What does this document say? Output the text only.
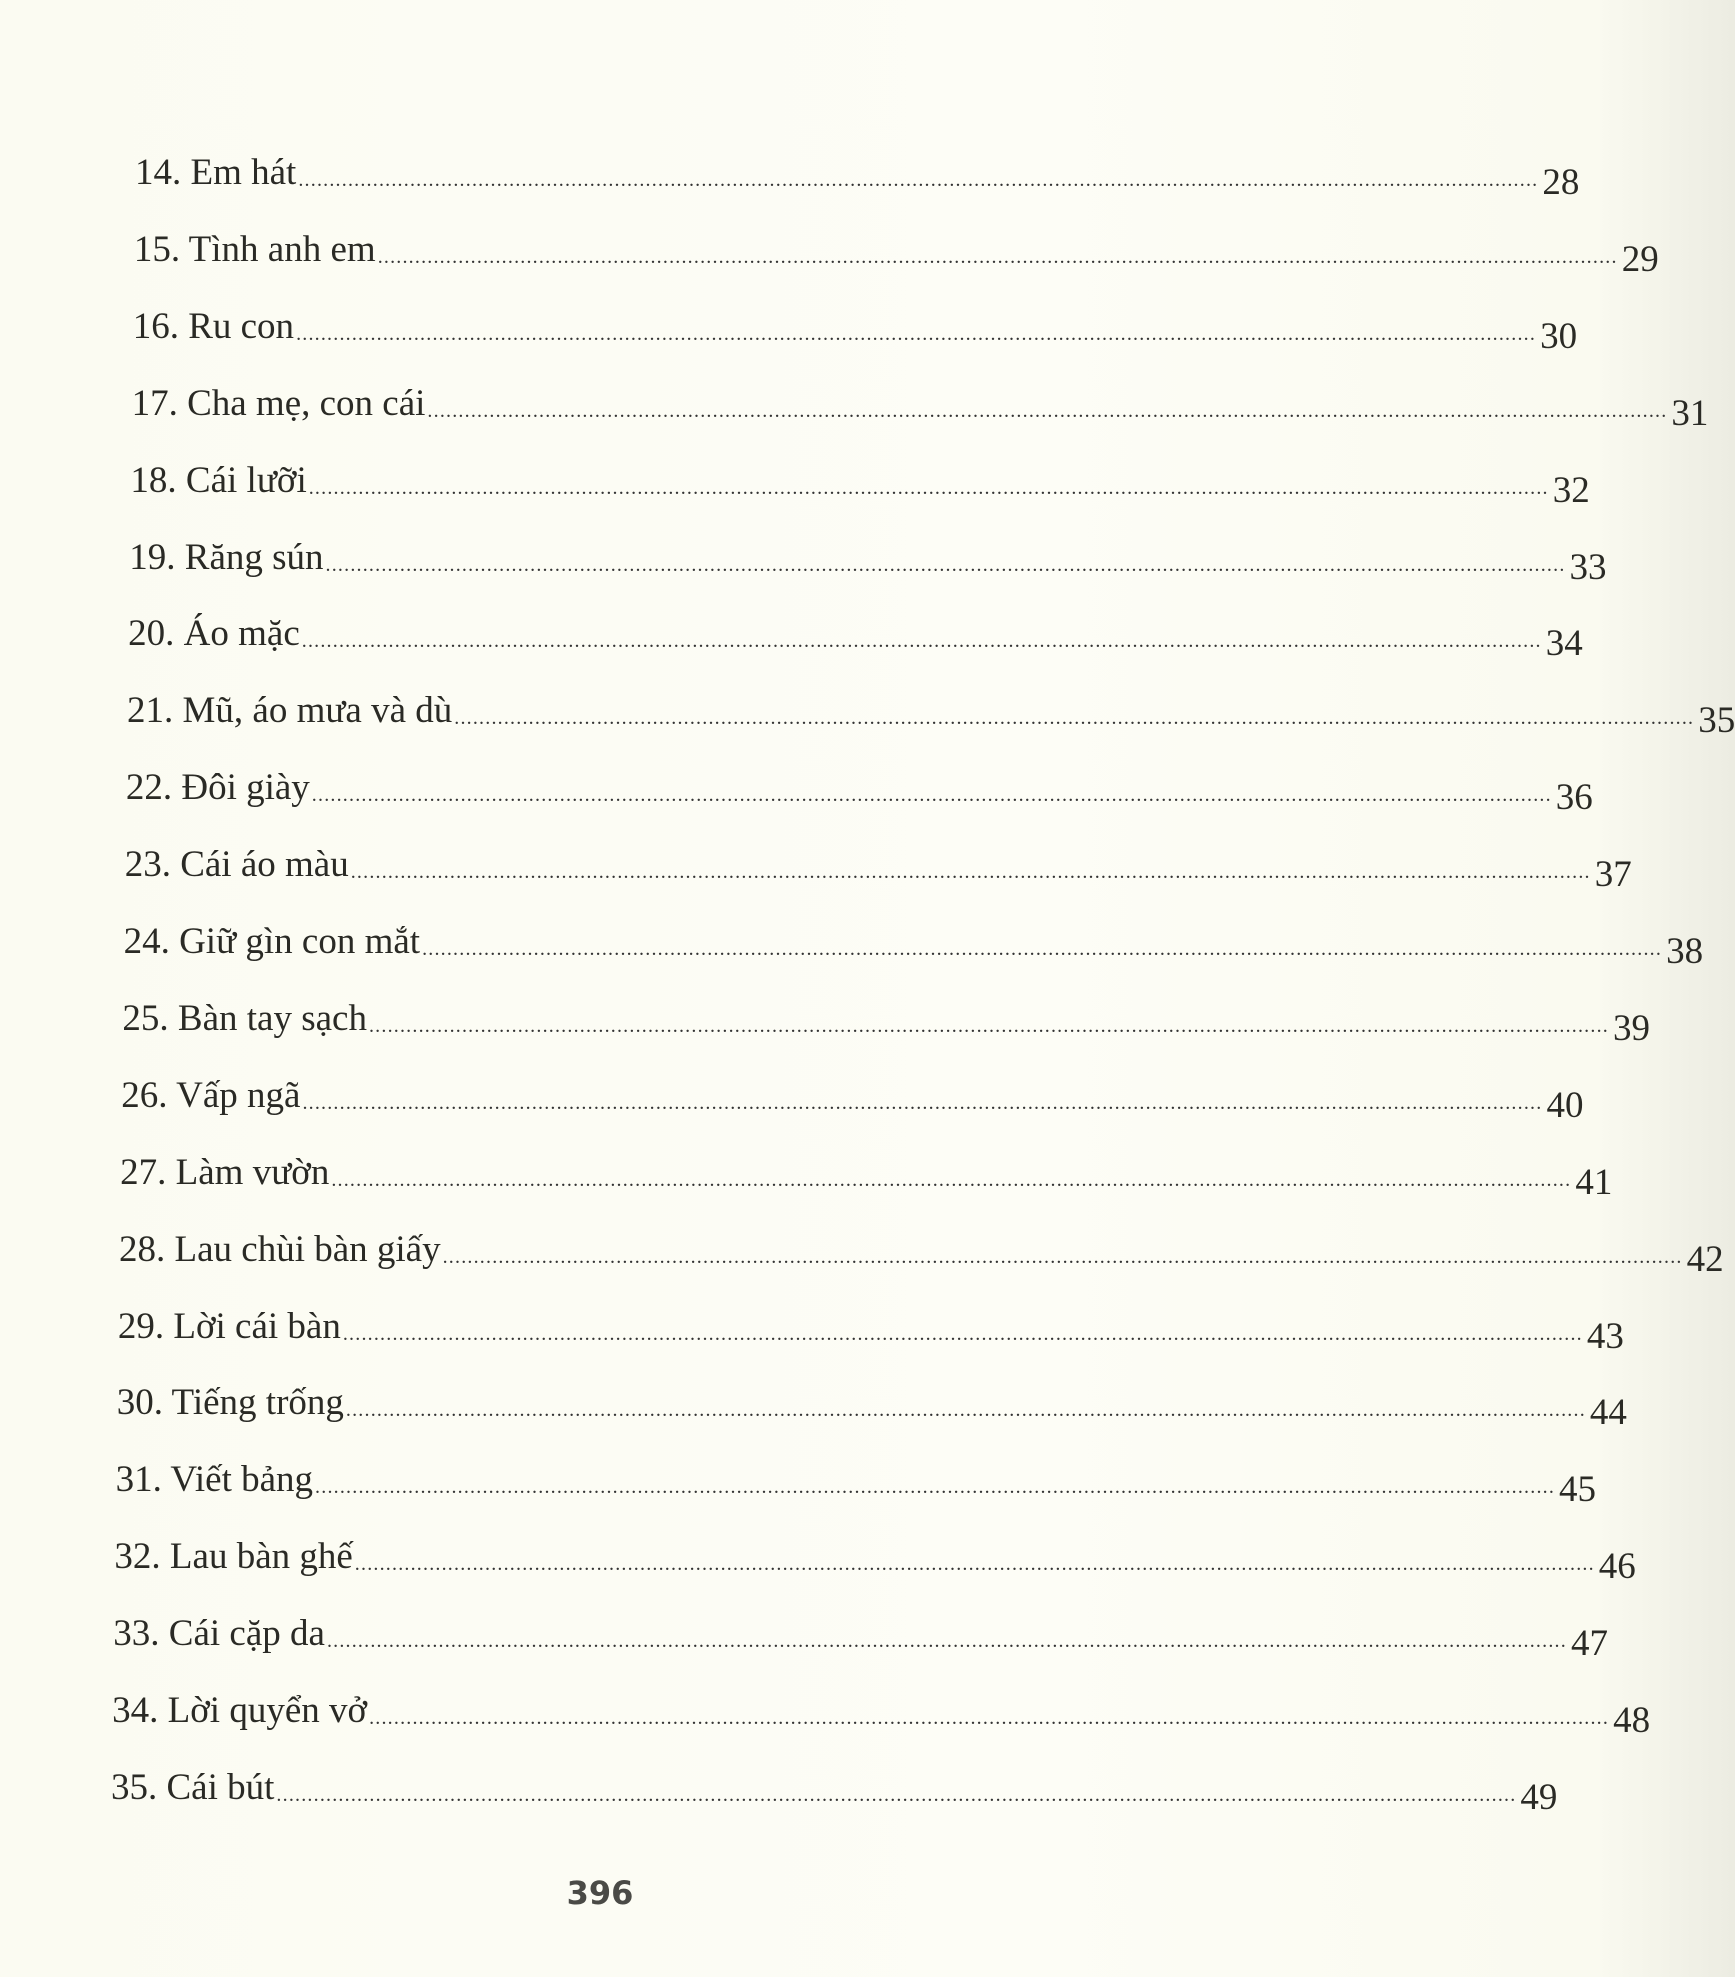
14. Em hát ........................................................................................................................................................................................................ 28
15. Tình anh em ........................................................................................................................................................................................................ 29
16. Ru con ........................................................................................................................................................................................................ 30
17. Cha mẹ, con cái ........................................................................................................................................................................................................ 31
18. Cái lưỡi ........................................................................................................................................................................................................ 32
19. Răng sún ........................................................................................................................................................................................................ 33
20. Áo mặc ........................................................................................................................................................................................................ 34
21. Mũ, áo mưa và dù ........................................................................................................................................................................................................ 35
22. Đôi giày ........................................................................................................................................................................................................ 36
23. Cái áo màu ........................................................................................................................................................................................................ 37
24. Giữ gìn con mắt ........................................................................................................................................................................................................ 38
25. Bàn tay sạch ........................................................................................................................................................................................................ 39
26. Vấp ngã ........................................................................................................................................................................................................ 40
27. Làm vườn ........................................................................................................................................................................................................ 41
28. Lau chùi bàn giấy ........................................................................................................................................................................................................ 42
29. Lời cái bàn ........................................................................................................................................................................................................ 43
30. Tiếng trống ........................................................................................................................................................................................................ 44
31. Viết bảng ........................................................................................................................................................................................................ 45
32. Lau bàn ghế ........................................................................................................................................................................................................ 46
33. Cái cặp da ........................................................................................................................................................................................................ 47
34. Lời quyển vở ........................................................................................................................................................................................................ 48
35. Cái bút ........................................................................................................................................................................................................ 49
396
